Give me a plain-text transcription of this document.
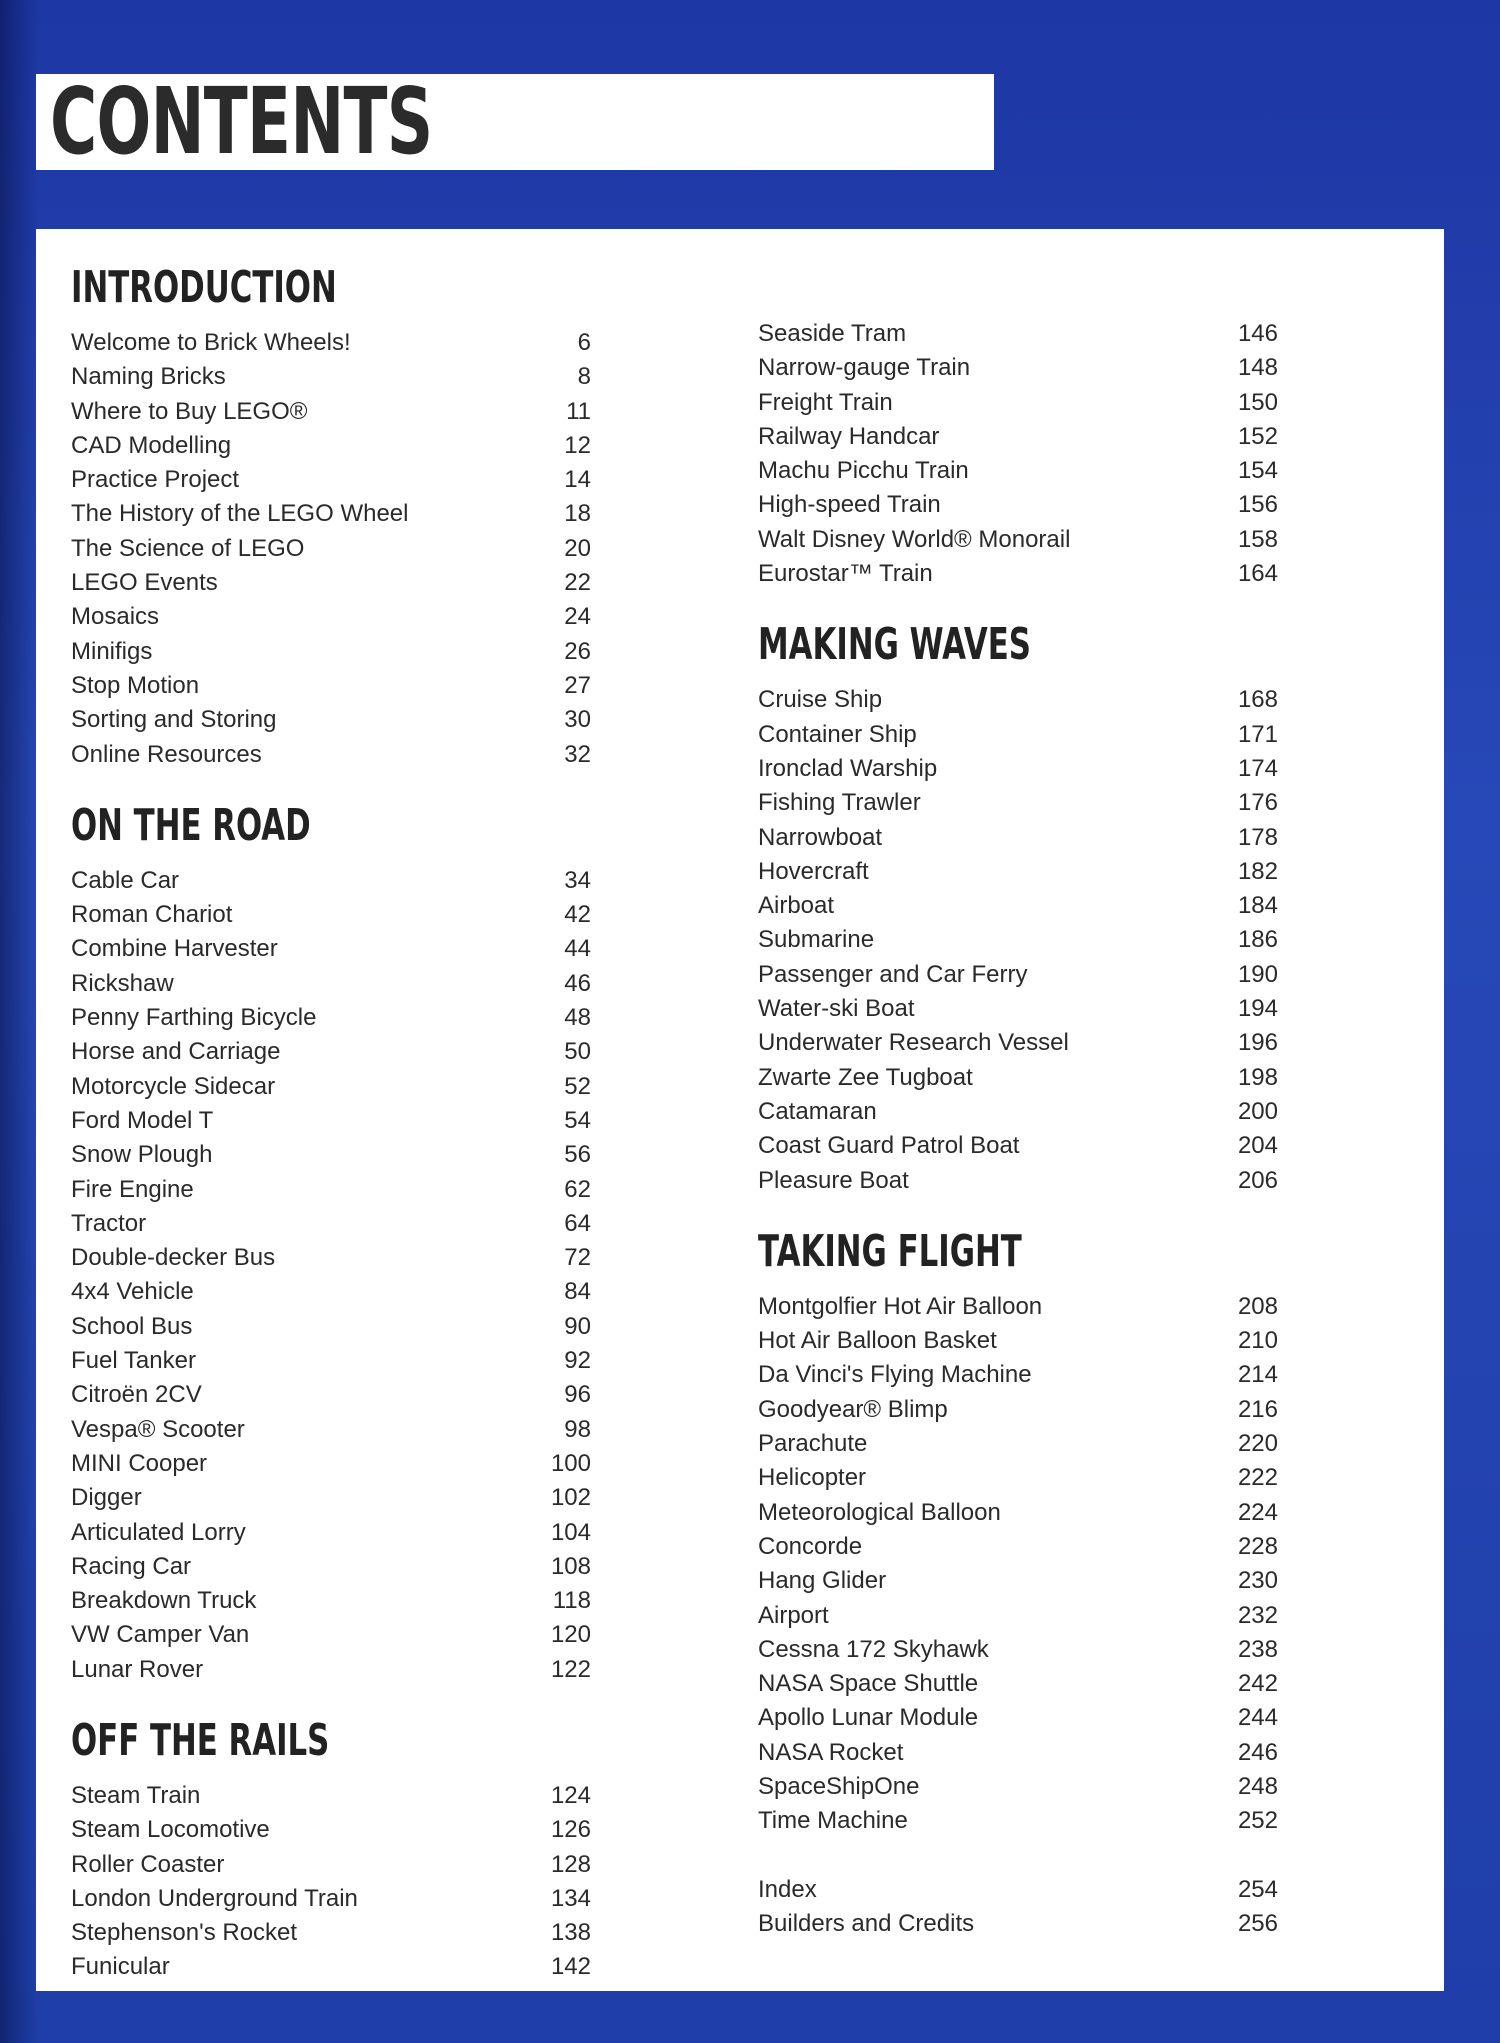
CONTENTS
INTRODUCTION
Welcome to Brick Wheels!	6
Naming Bricks	8
Where to Buy LEGO®	11
CAD Modelling	12
Practice Project	14
The History of the LEGO Wheel	18
The Science of LEGO	20
LEGO Events	22
Mosaics	24
Minifigs	26
Stop Motion	27
Sorting and Storing	30
Online Resources	32
ON THE ROAD
Cable Car	34
Roman Chariot	42
Combine Harvester	44
Rickshaw	46
Penny Farthing Bicycle	48
Horse and Carriage	50
Motorcycle Sidecar	52
Ford Model T	54
Snow Plough	56
Fire Engine	62
Tractor	64
Double-decker Bus	72
4x4 Vehicle	84
School Bus	90
Fuel Tanker	92
Citroën 2CV	96
Vespa® Scooter	98
MINI Cooper	100
Digger	102
Articulated Lorry	104
Racing Car	108
Breakdown Truck	118
VW Camper Van	120
Lunar Rover	122
OFF THE RAILS
Steam Train	124
Steam Locomotive	126
Roller Coaster	128
London Underground Train	134
Stephenson's Rocket	138
Funicular	142
Seaside Tram	146
Narrow-gauge Train	148
Freight Train	150
Railway Handcar	152
Machu Picchu Train	154
High-speed Train	156
Walt Disney World® Monorail	158
Eurostar™ Train	164
MAKING WAVES
Cruise Ship	168
Container Ship	171
Ironclad Warship	174
Fishing Trawler	176
Narrowboat	178
Hovercraft	182
Airboat	184
Submarine	186
Passenger and Car Ferry	190
Water-ski Boat	194
Underwater Research Vessel	196
Zwarte Zee Tugboat	198
Catamaran	200
Coast Guard Patrol Boat	204
Pleasure Boat	206
TAKING FLIGHT
Montgolfier Hot Air Balloon	208
Hot Air Balloon Basket	210
Da Vinci's Flying Machine	214
Goodyear® Blimp	216
Parachute	220
Helicopter	222
Meteorological Balloon	224
Concorde	228
Hang Glider	230
Airport	232
Cessna 172 Skyhawk	238
NASA Space Shuttle	242
Apollo Lunar Module	244
NASA Rocket	246
SpaceShipOne	248
Time Machine	252
Index	254
Builders and Credits	256
